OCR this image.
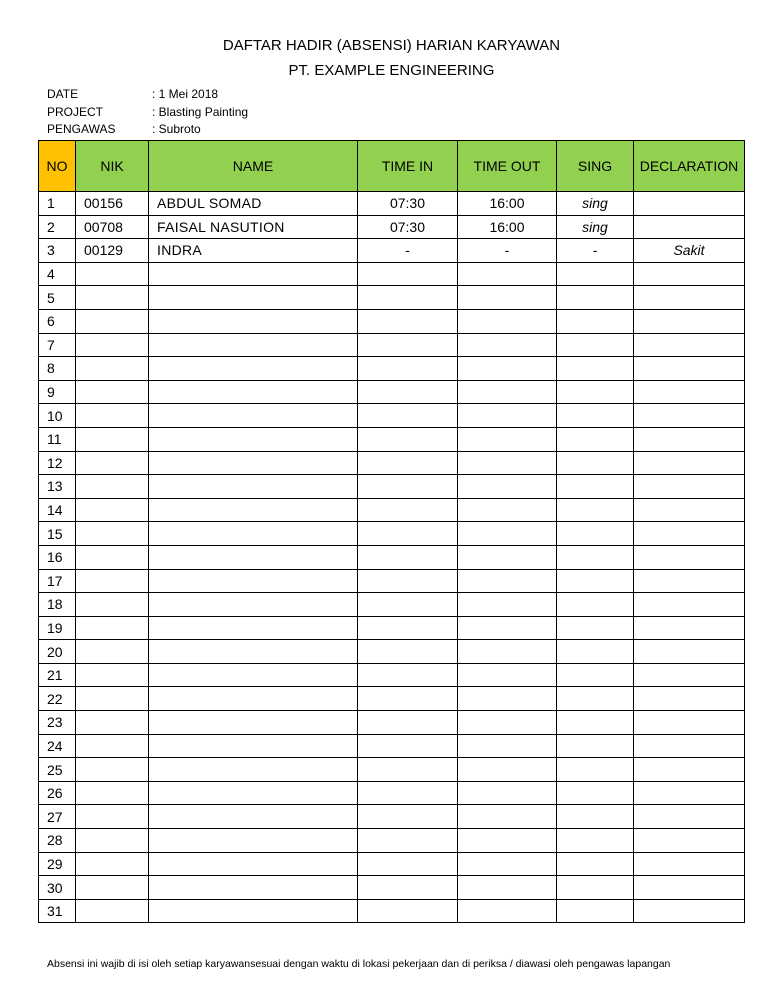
DAFTAR HADIR (ABSENSI) HARIAN KARYAWAN
PT. EXAMPLE ENGINEERING
DATE	: 1 Mei 2018
PROJECT	: Blasting Painting
PENGAWAS	: Subroto
NO	NIK	NAME	TIME IN	TIME OUT	SING	DECLARATION
1	00156	ABDUL SOMAD	07:30	16:00	sing	
2	00708	FAISAL NASUTION	07:30	16:00	sing	
3	00129	INDRA	-	-	-	Sakit
4						
5						
6						
7						
8						
9						
10						
11						
12						
13						
14						
15						
16						
17						
18						
19						
20						
21						
22						
23						
24						
25						
26						
27						
28						
29						
30						
31						
Absensi ini wajib di isi oleh setiap karyawansesuai dengan waktu di lokasi pekerjaan dan di periksa / diawasi oleh pengawas lapangan
